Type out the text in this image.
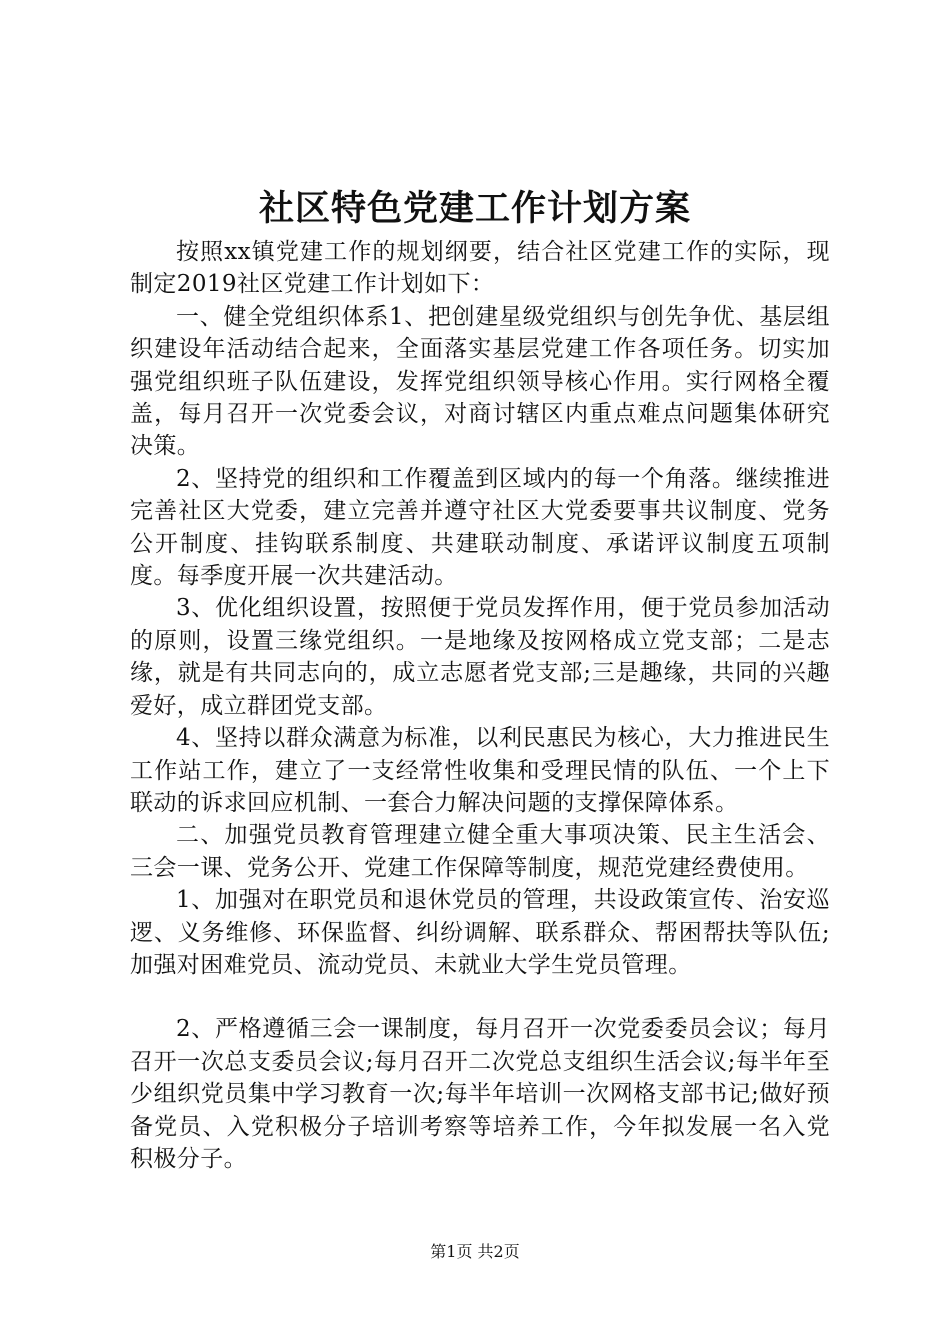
社区特色党建工作计划方案

按照xx镇党建工作的规划纲要，结合社区党建工作的实际，现制定2019社区党建工作计划如下：

一、健全党组织体系1、把创建星级党组织与创先争优、基层组织建设年活动结合起来，全面落实基层党建工作各项任务。切实加强党组织班子队伍建设，发挥党组织领导核心作用。实行网格全覆盖，每月召开一次党委会议，对商讨辖区内重点难点问题集体研究决策。

2、坚持党的组织和工作覆盖到区域内的每一个角落。继续推进完善社区大党委，建立完善并遵守社区大党委要事共议制度、党务公开制度、挂钩联系制度、共建联动制度、承诺评议制度五项制度。每季度开展一次共建活动。

3、优化组织设置，按照便于党员发挥作用，便于党员参加活动的原则，设置三缘党组织。一是地缘及按网格成立党支部；二是志缘，就是有共同志向的，成立志愿者党支部;三是趣缘，共同的兴趣爱好，成立群团党支部。

4、坚持以群众满意为标准，以利民惠民为核心，大力推进民生工作站工作，建立了一支经常性收集和受理民情的队伍、一个上下联动的诉求回应机制、一套合力解决问题的支撑保障体系。

二、加强党员教育管理建立健全重大事项决策、民主生活会、三会一课、党务公开、党建工作保障等制度，规范党建经费使用。

1、加强对在职党员和退休党员的管理，共设政策宣传、治安巡逻、义务维修、环保监督、纠纷调解、联系群众、帮困帮扶等队伍;加强对困难党员、流动党员、未就业大学生党员管理。

2、严格遵循三会一课制度，每月召开一次党委委员会议；每月召开一次总支委员会议;每月召开二次党总支组织生活会议;每半年至少组织党员集中学习教育一次;每半年培训一次网格支部书记;做好预备党员、入党积极分子培训考察等培养工作，今年拟发展一名入党积极分子。

第1页 共2页
